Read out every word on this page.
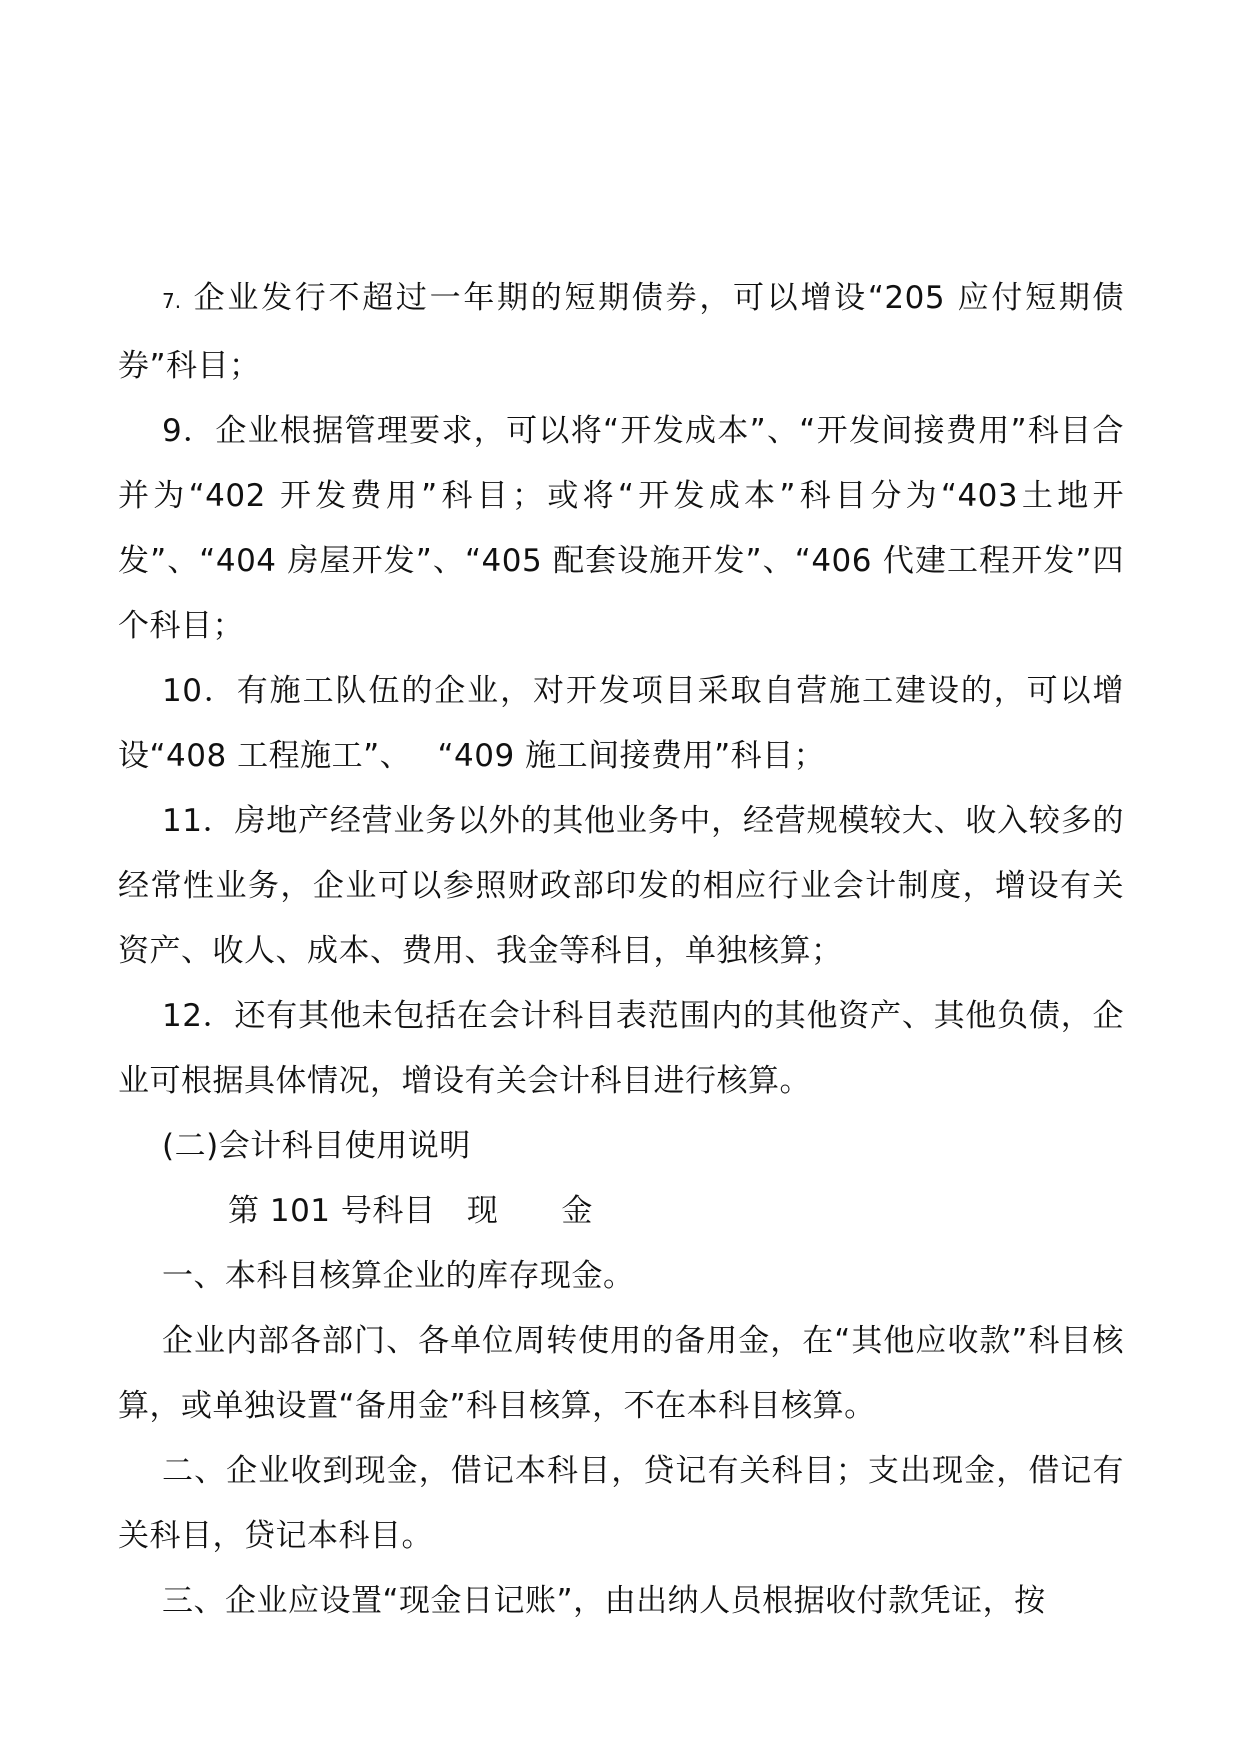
7. 企业发行不超过一年期的短期债券，可以增设“205 应付短期债券”科目；

9．企业根据管理要求，可以将“开发成本”、“开发间接费用”科目合并为“402 开发费用”科目；或将“开发成本”科目分为“403土地开发”、“404 房屋开发”、“405 配套设施开发”、“406 代建工程开发”四个科目；

10．有施工队伍的企业，对开发项目采取自营施工建设的，可以增设“408 工程施工”、　 “409 施工间接费用”科目；

11．房地产经营业务以外的其他业务中，经营规模较大、收入较多的经常性业务，企业可以参照财政部印发的相应行业会计制度，增设有关资产、收人、成本、费用、我金等科目，单独核算；

12．还有其他未包括在会计科目表范围内的其他资产、其他负债，企业可根据具体情况，增设有关会计科目进行核算。

(二)会计科目使用说明

第 101 号科目　现　　金

一、本科目核算企业的库存现金。

企业内部各部门、各单位周转使用的备用金，在“其他应收款”科目核算，或单独设置“备用金”科目核算，不在本科目核算。

二、企业收到现金，借记本科目，贷记有关科目；支出现金，借记有关科目，贷记本科目。

三、企业应设置“现金日记账”，由出纳人员根据收付款凭证，按
